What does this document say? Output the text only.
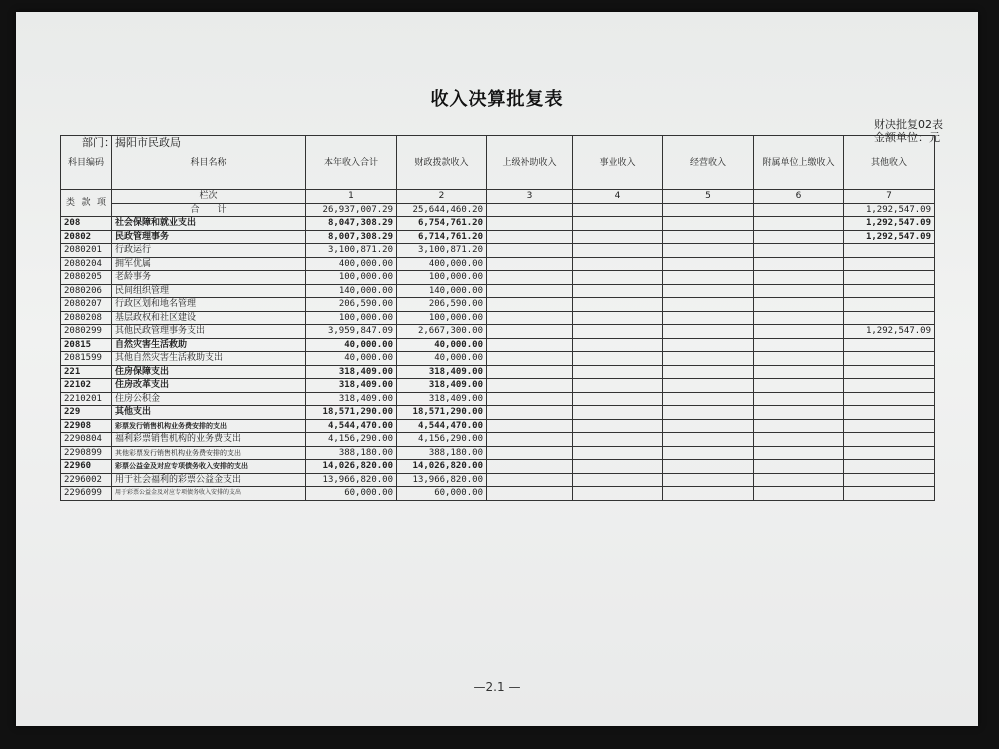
收入决算批复表
财决批复02表
金额单位：元
部门：揭阳市民政局
—2.1 —
科目编码	科目名称	本年收入合计	财政拨款收入	上级补助收入	事业收入	经营收入	附属单位上缴收入	其他收入

类 款 项	栏次	1	2	3	4	5	6	7
	合　　计	26,937,007.29	25,644,460.20					1,292,547.09
208	社会保障和就业支出	8,047,308.29	6,754,761.20					1,292,547.09
20802	民政管理事务	8,007,308.29	6,714,761.20					1,292,547.09
2080201	行政运行	3,100,871.20	3,100,871.20					
2080204	拥军优属	400,000.00	400,000.00					
2080205	老龄事务	100,000.00	100,000.00					
2080206	民间组织管理	140,000.00	140,000.00					
2080207	行政区划和地名管理	206,590.00	206,590.00					
2080208	基层政权和社区建设	100,000.00	100,000.00					
2080299	其他民政管理事务支出	3,959,847.09	2,667,300.00					1,292,547.09
20815	自然灾害生活救助	40,000.00	40,000.00					
2081599	其他自然灾害生活救助支出	40,000.00	40,000.00					
221	住房保障支出	318,409.00	318,409.00					
22102	住房改革支出	318,409.00	318,409.00					
2210201	住房公积金	318,409.00	318,409.00					
229	其他支出	18,571,290.00	18,571,290.00					
22908	彩票发行销售机构业务费安排的支出	4,544,470.00	4,544,470.00					
2290804	福利彩票销售机构的业务费支出	4,156,290.00	4,156,290.00					
2290899	其他彩票发行销售机构业务费安排的支出	388,180.00	388,180.00					
22960	彩票公益金及对应专项债务收入安排的支出	14,026,820.00	14,026,820.00					
2296002	用于社会福利的彩票公益金支出	13,966,820.00	13,966,820.00					
2296099	用于彩票公益金及对应专项债务收入安排的支出	60,000.00	60,000.00					
